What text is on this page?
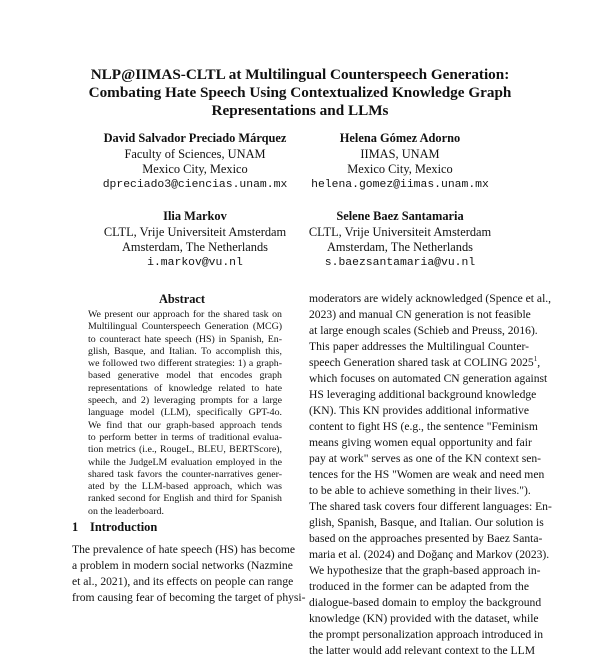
NLP@IIMAS-CLTL at Multilingual Counterspeech Generation:
Combating Hate Speech Using Contextualized Knowledge Graph
Representations and LLMs
David Salvador Preciado Márquez
Faculty of Sciences, UNAM
Mexico City, Mexico
dpreciado3@ciencias.unam.mx
Helena Gómez Adorno
IIMAS, UNAM
Mexico City, Mexico
helena.gomez@iimas.unam.mx
Ilia Markov
CLTL, Vrije Universiteit Amsterdam
Amsterdam, The Netherlands
i.markov@vu.nl
Selene Baez Santamaria
CLTL, Vrije Universiteit Amsterdam
Amsterdam, The Netherlands
s.baezsantamaria@vu.nl
Abstract
We present our approach for the shared task on
Multilingual Counterspeech Generation (MCG)
to counteract hate speech (HS) in Spanish, En-
glish, Basque, and Italian. To accomplish this,
we followed two different strategies: 1) a graph-
based generative model that encodes graph
representations of knowledge related to hate
speech, and 2) leveraging prompts for a large
language model (LLM), specifically GPT-4o.
We find that our graph-based approach tends
to perform better in terms of traditional evalua-
tion metrics (i.e., RougeL, BLEU, BERTScore),
while the JudgeLM evaluation employed in the
shared task favors the counter-narratives gener-
ated by the LLM-based approach, which was
ranked second for English and third for Spanish
on the leaderboard.
1 Introduction
The prevalence of hate speech (HS) has become
a problem in modern social networks (Nazmine
et al., 2021), and its effects on people can range
from causing fear of becoming the target of physi-
moderators are widely acknowledged (Spence et al.,
2023) and manual CN generation is not feasible
at large enough scales (Schieb and Preuss, 2016).
This paper addresses the Multilingual Counter-
speech Generation shared task at COLING 2025$^1$,
which focuses on automated CN generation against
HS leveraging additional background knowledge
(KN). This KN provides additional informative
content to fight HS (e.g., the sentence "Feminism
means giving women equal opportunity and fair
pay at work" serves as one of the KN context sen-
tences for the HS "Women are weak and need men
to be able to achieve something in their lives.").
The shared task covers four different languages: En-
glish, Spanish, Basque, and Italian. Our solution is
based on the approaches presented by Baez Santa-
maria et al. (2024) and Doğanç and Markov (2023).
We hypothesize that the graph-based approach in-
troduced in the former can be adapted from the
dialogue-based domain to employ the background
knowledge (KN) provided with the dataset, while
the prompt personalization approach introduced in
the latter would add relevant context to the LLM
